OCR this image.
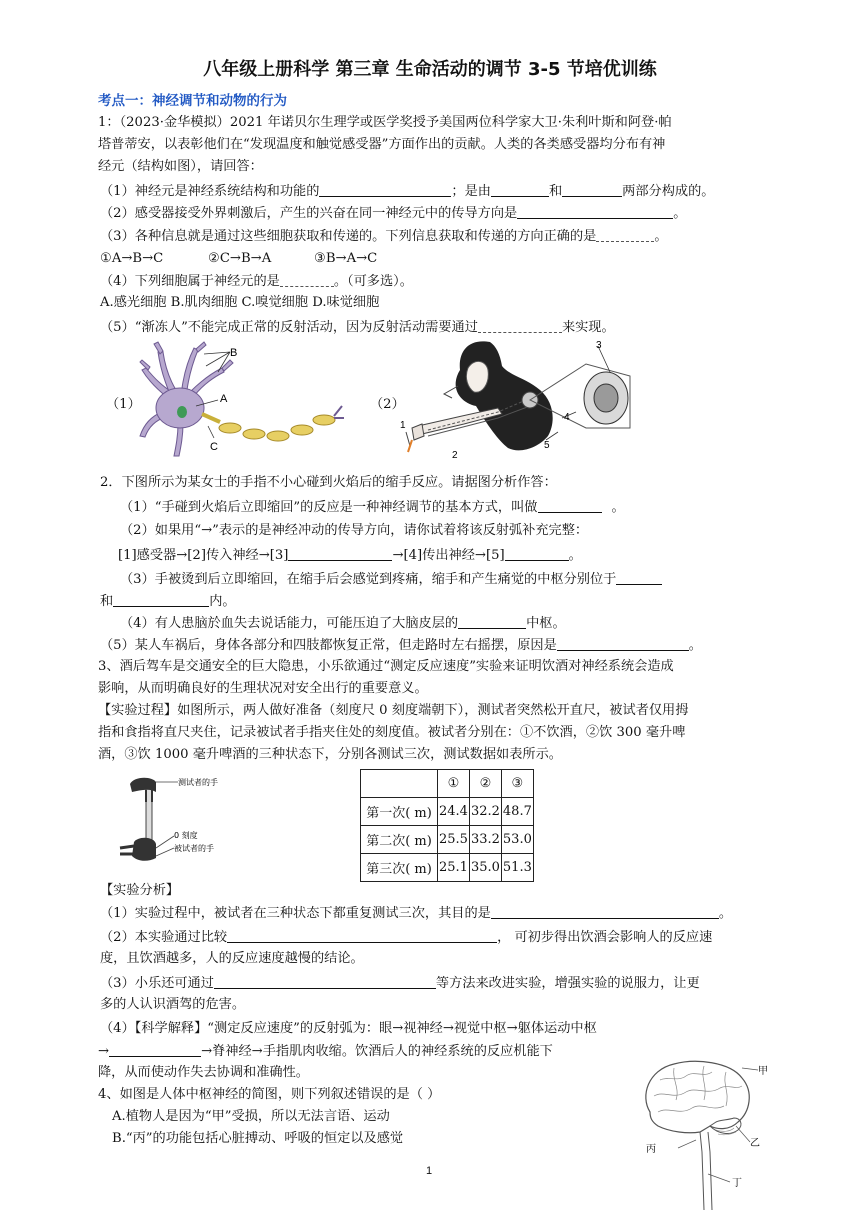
八年级上册科学 第三章 生命活动的调节 3-5 节培优训练
考点一：神经调节和动物的行为
1：（2023·金华模拟）2021 年诺贝尔生理学或医学奖授予美国两位科学家大卫·朱利叶斯和阿登·帕
塔普蒂安，以表彰他们在“发现温度和触觉感受器”方面作出的贡献。人类的各类感受器均分布有神
经元（结构如图），请回答：
（1）神经元是神经系统结构和功能的	；是由	和	两部分构成的。
（2）感受器接受外界刺激后，产生的兴奋在同一神经元中的传导方向是	。
（3）各种信息就是通过这些细胞获取和传递的。下列信息获取和传递的方向正确的是	。
①A→B→C	②C→B→A	③B→A→C
（4）下列细胞属于神经元的是	。（可多选）。
A.感光细胞 B.肌肉细胞 C.嗅觉细胞 D.味觉细胞
（5）“渐冻人”不能完成正常的反射活动，因为反射活动需要通过	来实现。
（1）
B
A
C
（2）
3
4
5
1
2
2．下图所示为某女士的手指不小心碰到火焰后的缩手反应。请据图分析作答：
（1）“手碰到火焰后立即缩回”的反应是一种神经调节的基本方式，叫做	。
（2）如果用“→”表示的是神经冲动的传导方向，请你试着将该反射弧补充完整：
[1]感受器→[2]传入神经→[3]	→[4]传出神经→[5]	。
（3）手被烫到后立即缩回，在缩手后会感觉到疼痛，缩手和产生痛觉的中枢分别位于
和	内。
（4）有人患脑於血失去说话能力，可能压迫了大脑皮层的	中枢。
（5）某人车祸后，身体各部分和四肢都恢复正常，但走路时左右摇摆，原因是	。
3、酒后驾车是交通安全的巨大隐患，小乐欲通过“测定反应速度”实验来证明饮酒对神经系统会造成
影响，从而明确良好的生理状况对安全出行的重要意义。
【实验过程】如图所示，两人做好准备（刻度尺 0 刻度端朝下），测试者突然松开直尺，被试者仅用拇
指和食指将直尺夹住，记录被试者手指夹住处的刻度值。被试者分别在：①不饮酒，②饮 300 毫升啤
酒，③饮 1000 毫升啤酒的三种状态下，分别各测试三次，测试数据如表所示。
测试者的手
0 刻度
被试者的手
	①	②	③
第一次( m)	24.4	32.2	48.7
第二次( m)	25.5	33.2	53.0
第三次( m)	25.1	35.0	51.3
【实验分析】
（1）实验过程中，被试者在三种状态下都重复测试三次，其目的是	。
（2）本实验通过比较	， 可初步得出饮酒会影响人的反应速
度，且饮酒越多，人的反应速度越慢的结论。
（3）小乐还可通过	等方法来改进实验，增强实验的说服力，让更
多的人认识酒驾的危害。
（4）【科学解释】“测定反应速度”的反射弧为：眼→视神经→视觉中枢→躯体运动中枢
→	→脊神经→手指肌肉收缩。饮酒后人的神经系统的反应机能下
降，从而使动作失去协调和准确性。
4、如图是人体中枢神经的简图，则下列叙述错误的是（ ）
A.植物人是因为“甲”受损，所以无法言语、运动
B.“丙”的功能包括心脏搏动、呼吸的恒定以及感觉
甲
乙
丙
丁
1
